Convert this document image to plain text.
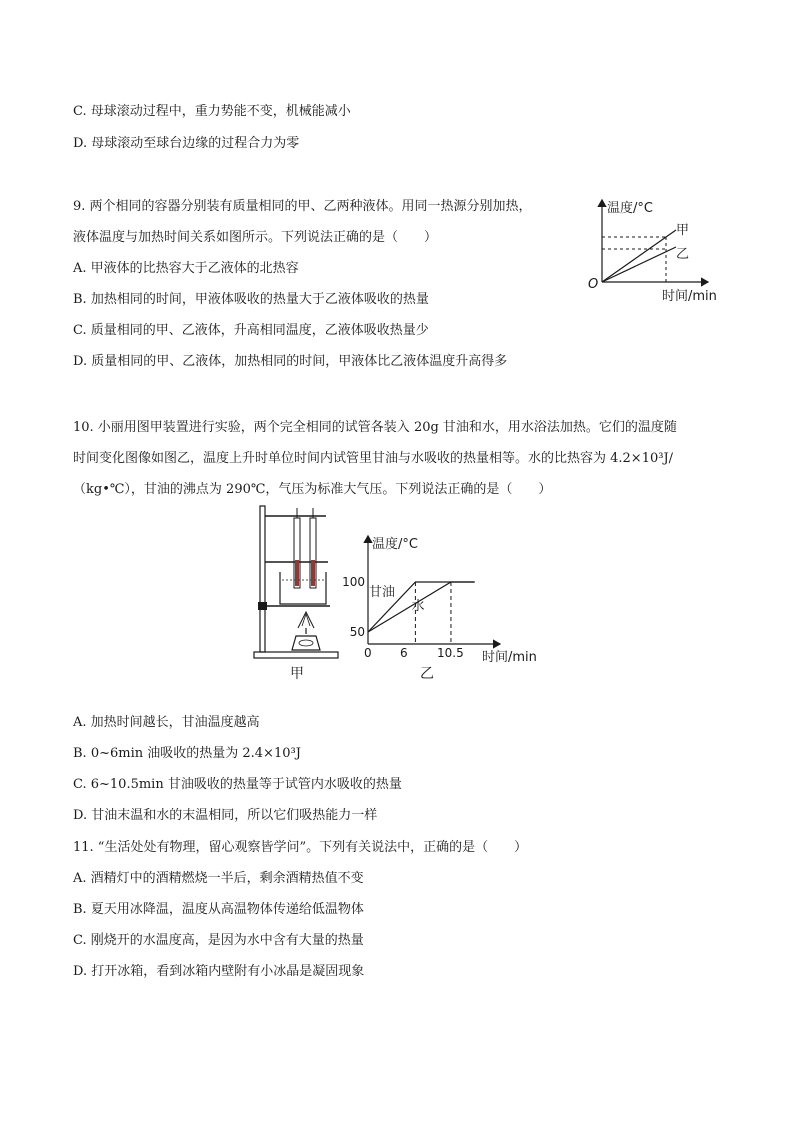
C. 母球滚动过程中，重力势能不变，机械能减小
D. 母球滚动至球台边缘的过程合力为零
9. 两个相同的容器分别装有质量相同的甲、乙两种液体。用同一热源分别加热，
液体温度与加热时间关系如图所示。下列说法正确的是（　　）
A. 甲液体的比热容大于乙液体的北热容
B. 加热相同的时间，甲液体吸收的热量大于乙液体吸收的热量
C. 质量相同的甲、乙液体，升高相同温度，乙液体吸收热量少
D. 质量相同的甲、乙液体，加热相同的时间，甲液体比乙液体温度升高得多
温度/°C
时间/min
O
甲
乙
10. 小丽用图甲装置进行实验，两个完全相同的试管各装入 20g 甘油和水，用水浴法加热。它们的温度随
时间变化图像如图乙，温度上升时单位时间内试管里甘油与水吸收的热量相等。水的比热容为 4.2×10³J/
（kg•℃），甘油的沸点为 290℃，气压为标准大气压。下列说法正确的是（　　）
甲
50
100
甘油
水
温度/°C
0 6 10.5 时间/min
乙
A. 加热时间越长，甘油温度越高
B. 0~6min 油吸收的热量为 2.4×10³J
C. 6~10.5min 甘油吸收的热量等于试管内水吸收的热量
D. 甘油末温和水的末温相同，所以它们吸热能力一样
11. “生活处处有物理，留心观察皆学问”。下列有关说法中，正确的是（　　）
A. 酒精灯中的酒精燃烧一半后，剩余酒精热值不变
B. 夏天用冰降温，温度从高温物体传递给低温物体
C. 刚烧开的水温度高，是因为水中含有大量的热量
D. 打开冰箱，看到冰箱内壁附有小冰晶是凝固现象
